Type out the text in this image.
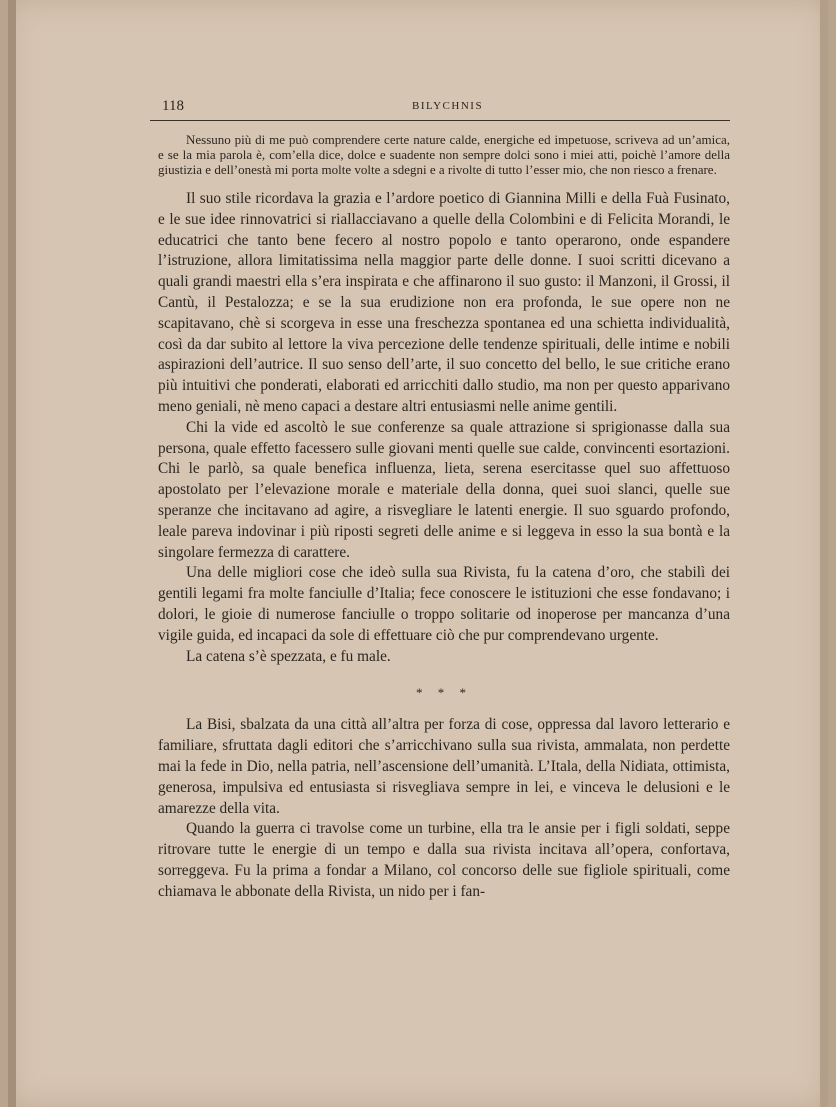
118	BILYCHNIS

Nessuno più di me può comprendere certe nature calde, energiche ed impetuose, scriveva ad un’amica, e se la mia parola è, com’ella dice, dolce e suadente non sempre dolci sono i miei atti, poichè l’amore della giustizia e dell’onestà mi porta molte volte a sdegni e a rivolte di tutto l’esser mio, che non riesco a frenare.

Il suo stile ricordava la grazia e l’ardore poetico di Giannina Milli e della Fuà Fusinato, e le sue idee rinnovatrici si riallacciavano a quelle della Colombini e di Felicita Morandi, le educatrici che tanto bene fecero al nostro popolo e tanto operarono, onde espandere l’istruzione, allora limitatissima nella maggior parte delle donne. I suoi scritti dicevano a quali grandi maestri ella s’era inspirata e che affinarono il suo gusto: il Manzoni, il Grossi, il Cantù, il Pestalozza; e se la sua erudizione non era profonda, le sue opere non ne scapitavano, chè si scorgeva in esse una freschezza spontanea ed una schietta individualità, così da dar subito al lettore la viva percezione delle tendenze spirituali, delle intime e nobili aspirazioni dell’autrice. Il suo senso dell’arte, il suo concetto del bello, le sue critiche erano più intuitivi che ponderati, elaborati ed arricchiti dallo studio, ma non per questo apparivano meno geniali, nè meno capaci a destare altri entusiasmi nelle anime gentili.

Chi la vide ed ascoltò le sue conferenze sa quale attrazione si sprigionasse dalla sua persona, quale effetto facessero sulle giovani menti quelle sue calde, convincenti esortazioni. Chi le parlò, sa quale benefica influenza, lieta, serena esercitasse quel suo affettuoso apostolato per l’elevazione morale e materiale della donna, quei suoi slanci, quelle sue speranze che incitavano ad agire, a risvegliare le latenti energie. Il suo sguardo profondo, leale pareva indovinar i più riposti segreti delle anime e si leggeva in esso la sua bontà e la singolare fermezza di carattere.

Una delle migliori cose che ideò sulla sua Rivista, fu la catena d’oro, che stabilì dei gentili legami fra molte fanciulle d’Italia; fece conoscere le istituzioni che esse fondavano; i dolori, le gioie di numerose fanciulle o troppo solitarie od inoperose per mancanza d’una vigile guida, ed incapaci da sole di effettuare ciò che pur comprendevano urgente.

La catena s’è spezzata, e fu male.

* * *

La Bisi, sbalzata da una città all’altra per forza di cose, oppressa dal lavoro letterario e familiare, sfruttata dagli editori che s’arricchivano sulla sua rivista, ammalata, non perdette mai la fede in Dio, nella patria, nell’ascensione dell’umanità. L’Itala, della Nidiata, ottimista, generosa, impulsiva ed entusiasta si risvegliava sempre in lei, e vinceva le delusioni e le amarezze della vita.

Quando la guerra ci travolse come un turbine, ella tra le ansie per i figli soldati, seppe ritrovare tutte le energie di un tempo e dalla sua rivista incitava all’opera, confortava, sorreggeva. Fu la prima a fondar a Milano, col concorso delle sue figliole spirituali, come chiamava le abbonate della Rivista, un nido per i fan-
